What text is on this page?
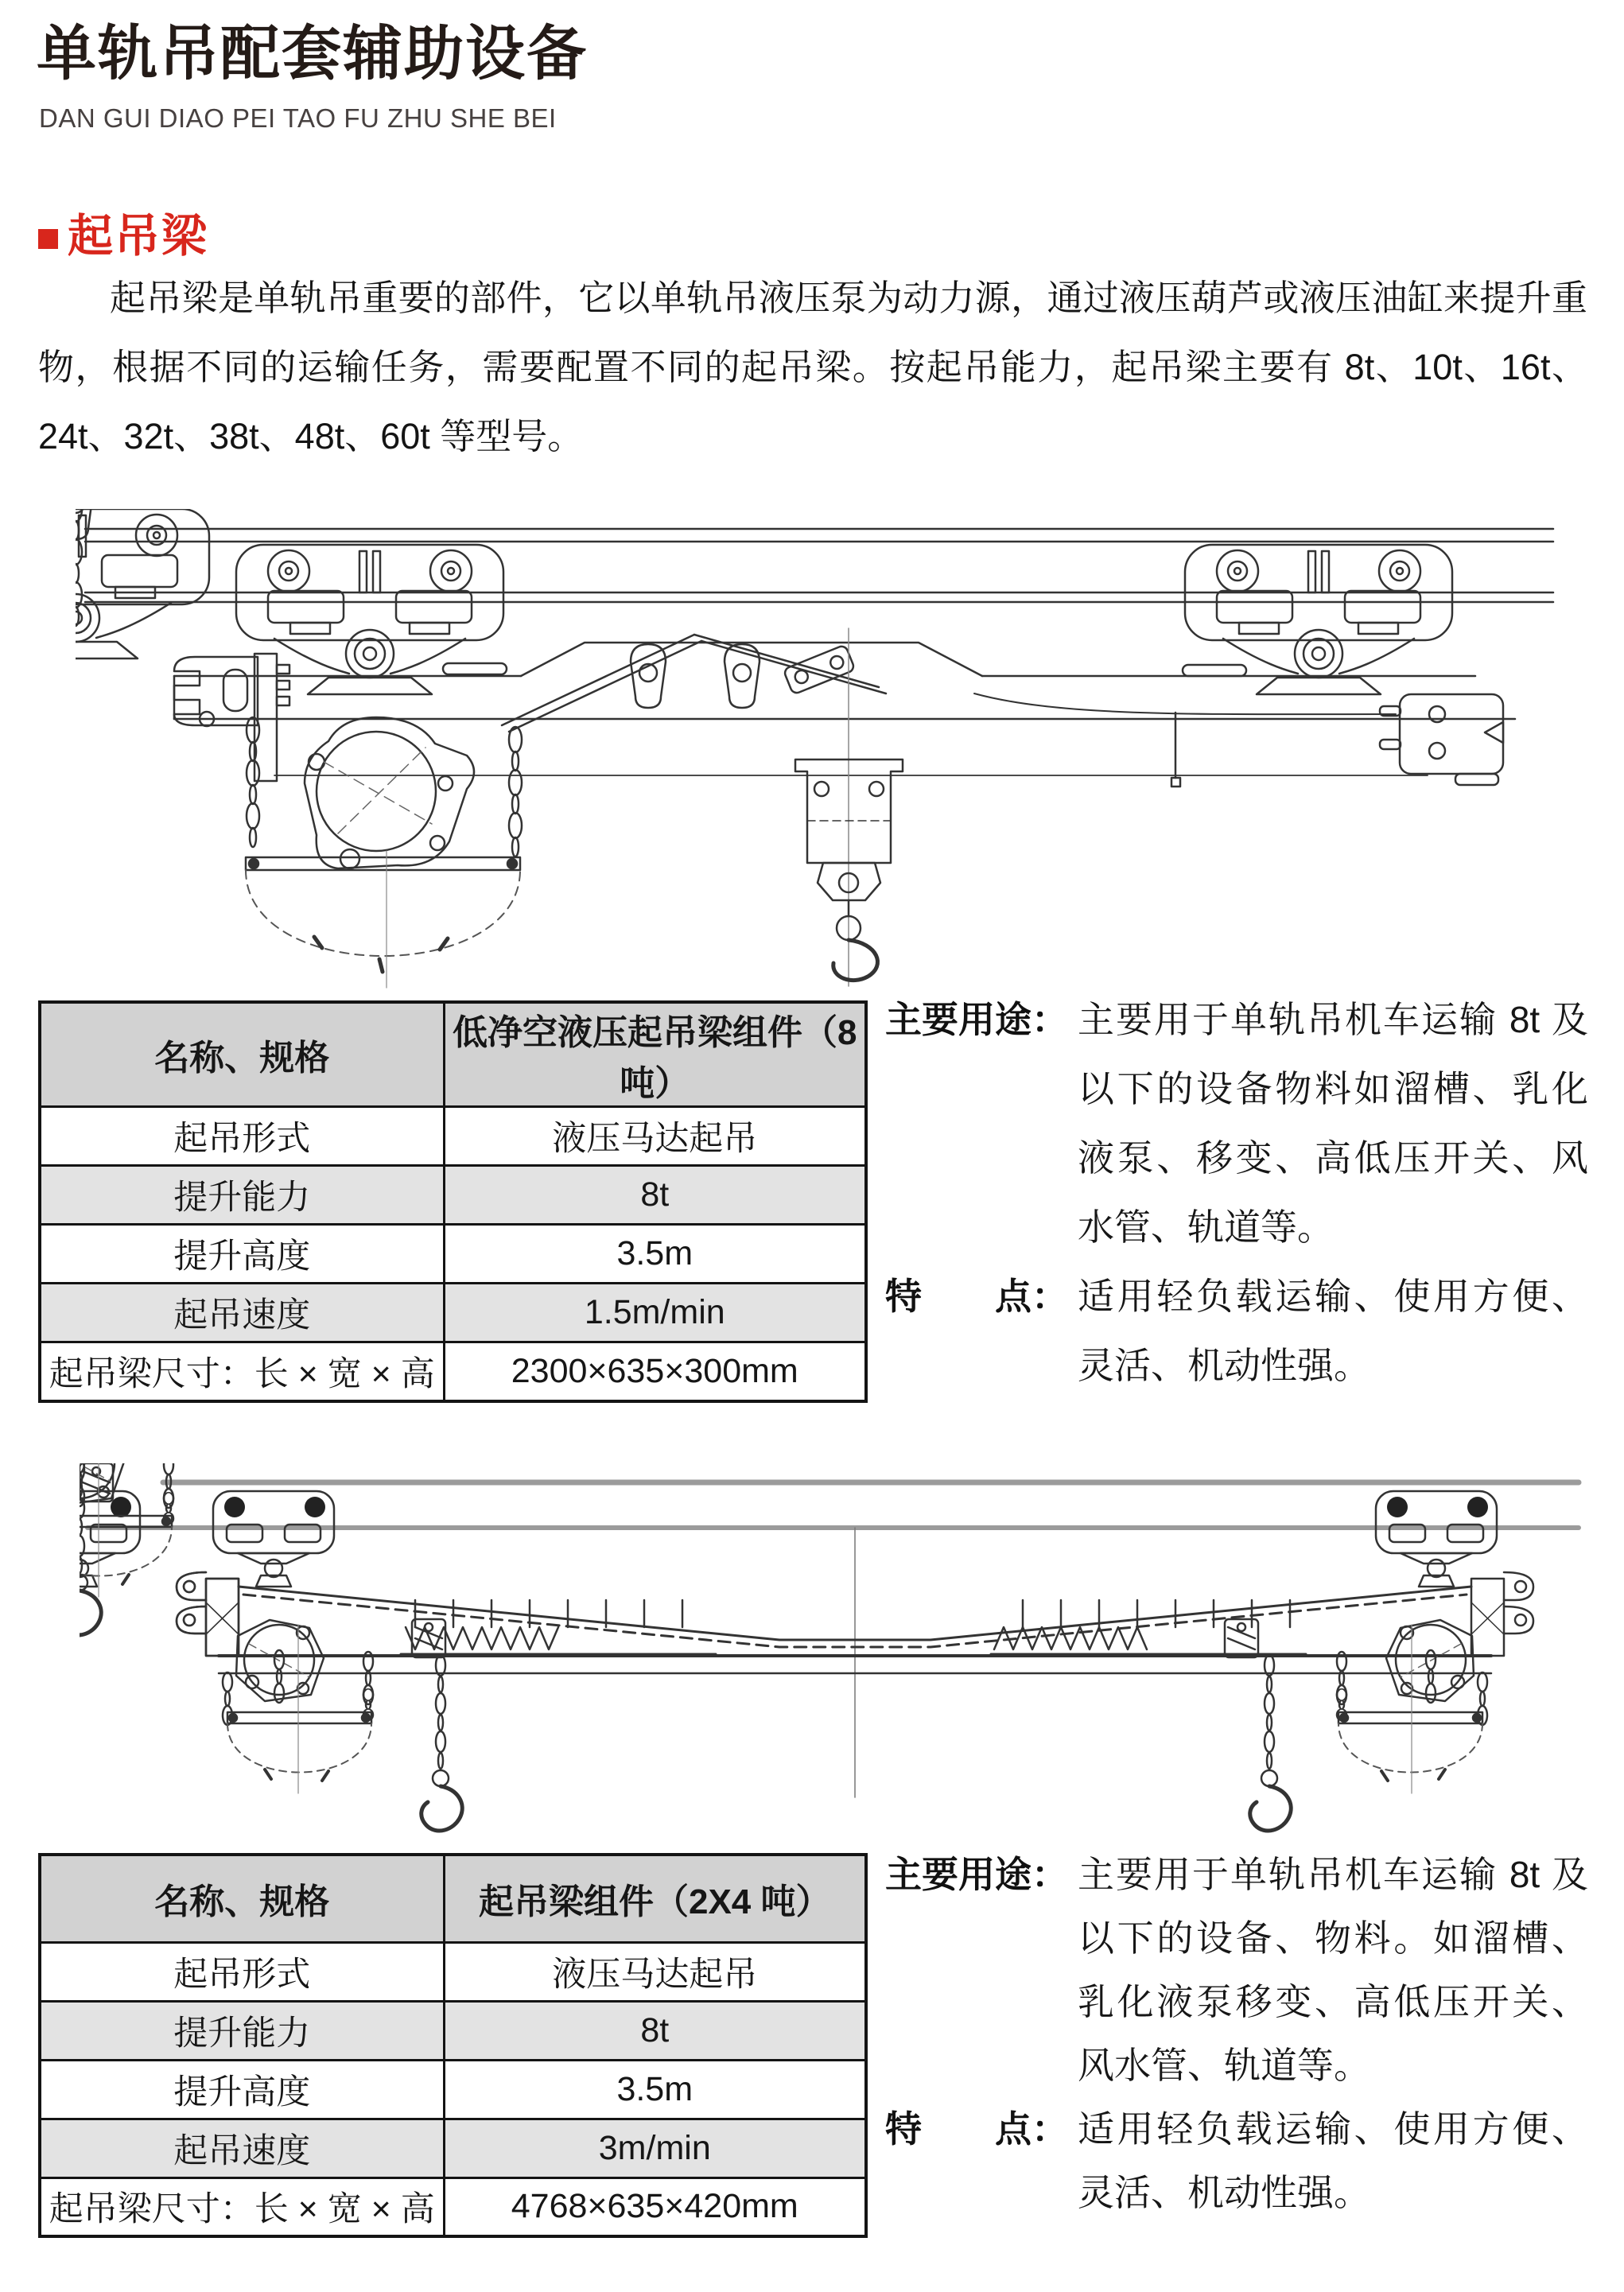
单轨吊配套辅助设备
DAN GUI DIAO PEI TAO FU ZHU SHE BEI
起吊梁
起吊梁是单轨吊重要的部件，它以单轨吊液压泵为动力源，通过液压葫芦或液压油缸来提升重物，根据不同的运输任务，需要配置不同的起吊梁。按起吊能力，起吊梁主要有 8t、10t、16t、24t、32t、38t、48t、60t 等型号。
名称、规格	低净空液压起吊梁组件（8 吨）
起吊形式	液压马达起吊
提升能力	8t
提升高度	3.5m
起吊速度	1.5m/min
起吊梁尺寸：长 × 宽 × 高	2300×635×300mm
主要用途： 主要用于单轨吊机车运输 8t 及以下的设备物料如溜槽、乳化液泵、移变、高低压开关、风水管、轨道等。
特　　点： 适用轻负载运输、使用方便、灵活、机动性强。
名称、规格	起吊梁组件（2X4 吨）
起吊形式	液压马达起吊
提升能力	8t
提升高度	3.5m
起吊速度	3m/min
起吊梁尺寸：长 × 宽 × 高	4768×635×420mm
主要用途： 主要用于单轨吊机车运输 8t 及以下的设备、物料。如溜槽、乳化液泵移变、高低压开关、风水管、轨道等。
特　　点： 适用轻负载运输、使用方便、灵活、机动性强。
